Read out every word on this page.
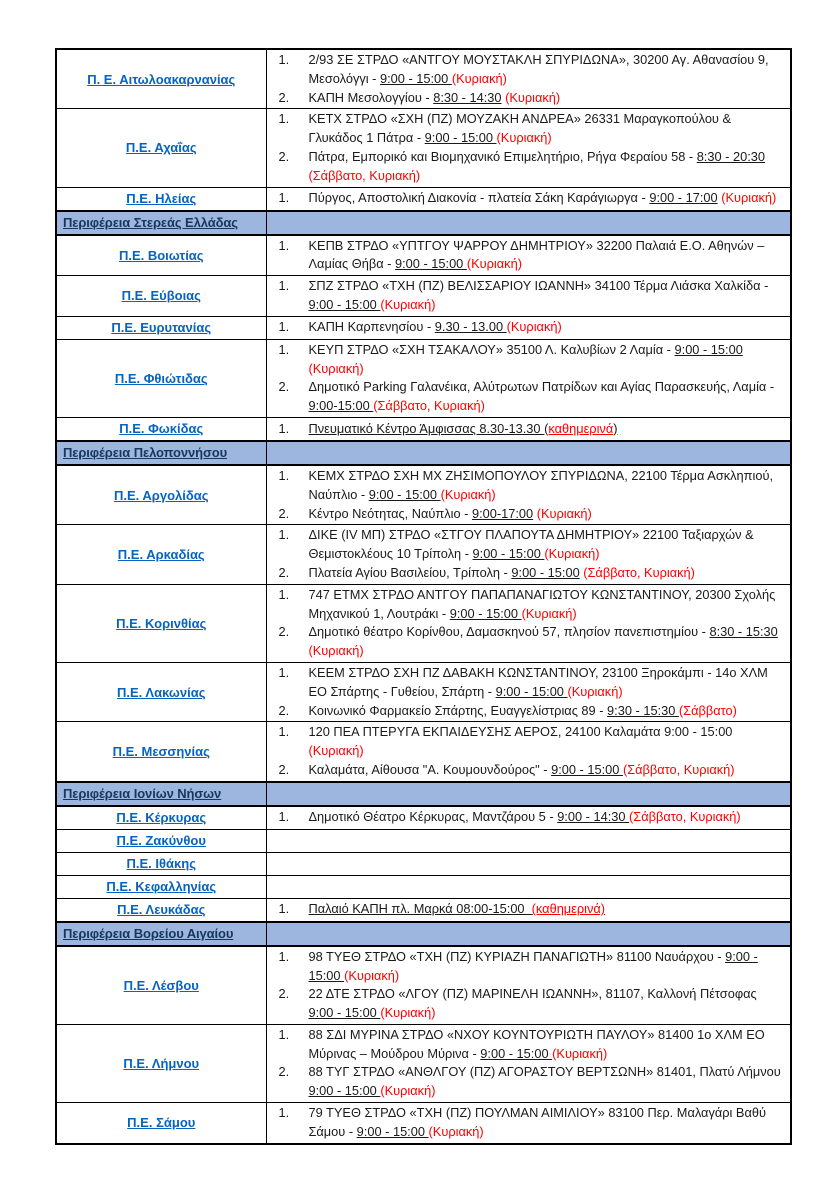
Π. Ε. Αιτωλοακαρνανίας	1. 2/93 ΣΕ ΣΤΡΔΟ «ΑΝΤΓΟΥ ΜΟΥΣΤΑΚΛΗ ΣΠΥΡΙΔΩΝΑ», 30200 Αγ. Αθανασίου 9, Μεσολόγγι - 9:00 - 15:00 (Κυριακή)
2. ΚΑΠΗ Μεσολογγίου - 8:30 - 14:30 (Κυριακή)

Π.Ε. Αχαΐας	1. ΚΕΤΧ ΣΤΡΔΟ «ΣΧΗ (ΠΖ) ΜΟΥΖΑΚΗ ΑΝΔΡΕΑ» 26331 Μαραγκοπούλου & Γλυκάδος 1 Πάτρα - 9:00 - 15:00 (Κυριακή)
2. Πάτρα, Εμπορικό και Βιομηχανικό Επιμελητήριο, Ρήγα Φεραίου 58 - 8:30 - 20:30 (Σάββατο, Κυριακή)

Π.Ε. Ηλείας	1. Πύργος, Αποστολική Διακονία - πλατεία Σάκη Καράγιωργα - 9:00 - 17:00 (Κυριακή)

Περιφέρεια Στερεάς Ελλάδας	
Π.Ε. Βοιωτίας	1. ΚΕΠΒ ΣΤΡΔΟ «ΥΠΤΓΟΥ ΨΑΡΡΟΥ ΔΗΜΗΤΡΙΟΥ» 32200 Παλαιά Ε.Ο. Αθηνών – Λαμίας Θήβα - 9:00 - 15:00 (Κυριακή)

Π.Ε. Εύβοιας	1. ΣΠΖ ΣΤΡΔΟ «ΤΧΗ (ΠΖ) ΒΕΛΙΣΣΑΡΙΟΥ ΙΩΑΝΝΗ» 34100 Τέρμα Λιάσκα Χαλκίδα - 9:00 - 15:00 (Κυριακή)

Π.Ε. Ευρυτανίας	1. ΚΑΠΗ Καρπενησίου - 9.30 - 13.00 (Κυριακή)

Π.Ε. Φθιώτιδας	1. ΚΕΥΠ ΣΤΡΔΟ «ΣΧΗ ΤΣΑΚΑΛΟΥ» 35100 Λ. Καλυβίων 2 Λαμία - 9:00 - 15:00 (Κυριακή)
2. Δημοτικό Parking Γαλανέικα, Αλύτρωτων Πατρίδων και Αγίας Παρασκευής, Λαμία - 9:00-15:00 (Σάββατο, Κυριακή)

Π.Ε. Φωκίδας	1. Πνευματικό Κέντρο Άμφισσας 8.30-13.30 (καθημερινά)

Περιφέρεια Πελοποννήσου	
Π.Ε. Αργολίδας	1. ΚΕΜΧ ΣΤΡΔΟ ΣΧΗ ΜΧ ΖΗΣΙΜΟΠΟΥΛΟΥ ΣΠΥΡΙΔΩΝΑ, 22100 Τέρμα Ασκληπιού, Ναύπλιο - 9:00 - 15:00 (Κυριακή)
2. Κέντρο Νεότητας, Ναύπλιο - 9:00-17:00 (Κυριακή)

Π.Ε. Αρκαδίας	1. ΔΙΚΕ (IV ΜΠ) ΣΤΡΔΟ «ΣΤΓΟΥ ΠΛΑΠΟΥΤΑ ΔΗΜΗΤΡΙΟΥ» 22100 Ταξιαρχών & Θεμιστοκλέους 10 Τρίπολη - 9:00 - 15:00 (Κυριακή)
2. Πλατεία Αγίου Βασιλείου, Τρίπολη - 9:00 - 15:00 (Σάββατο, Κυριακή)

Π.Ε. Κορινθίας	1. 747 ΕΤΜΧ ΣΤΡΔΟ ΑΝΤΓΟΥ ΠΑΠΑΠΑΝΑΓΙΩΤΟΥ ΚΩΝΣΤΑΝΤΙΝΟΥ, 20300 Σχολής Μηχανικού 1, Λουτράκι - 9:00 - 15:00 (Κυριακή)
2. Δημοτικό θέατρο Κορίνθου, Δαμασκηνού 57, πλησίον πανεπιστημίου - 8:30 - 15:30 (Κυριακή)

Π.Ε. Λακωνίας	1. ΚΕΕΜ ΣΤΡΔΟ ΣΧΗ ΠΖ ΔΑΒΑΚΗ ΚΩΝΣΤΑΝΤΙΝΟΥ, 23100 Ξηροκάμπι - 14ο ΧΛΜ ΕΟ Σπάρτης - Γυθείου, Σπάρτη - 9:00 - 15:00 (Κυριακή)
2. Κοινωνικό Φαρμακείο Σπάρτης, Ευαγγελίστριας 89 - 9:30 - 15:30 (Σάββατο)

Π.Ε. Μεσσηνίας	1. 120 ΠΕΑ ΠΤΕΡΥΓΑ ΕΚΠΑΙΔΕΥΣΗΣ ΑΕΡΟΣ, 24100 Καλαμάτα 9:00 - 15:00 (Κυριακή)
2. Καλαμάτα, Αίθουσα "Α. Κουμουνδούρος" - 9:00 - 15:00 (Σάββατο, Κυριακή)

Περιφέρεια Ιονίων Νήσων	
Π.Ε. Κέρκυρας	1. Δημοτικό Θέατρο Κέρκυρας, Μαντζάρου 5 - 9:00 - 14:30 (Σάββατο, Κυριακή)

Π.Ε. Ζακύνθου	
Π.Ε. Ιθάκης	
Π.Ε. Κεφαλληνίας	
Π.Ε. Λευκάδας	1. Παλαιό ΚΑΠΗ πλ. Μαρκά 08:00-15:00  (καθημερινά)

Περιφέρεια Βορείου Αιγαίου	
Π.Ε. Λέσβου	1. 98 ΤΥΕΘ ΣΤΡΔΟ «ΤΧΗ (ΠΖ) ΚΥΡΙΑΖΗ ΠΑΝΑΓΙΩΤΗ» 81100 Ναυάρχου - 9:00 - 15:00 (Κυριακή)
2. 22 ΔΤΕ ΣΤΡΔΟ «ΛΓΟΥ (ΠΖ) ΜΑΡΙΝΕΛΗ ΙΩΑΝΝΗ», 81107, Καλλονή Πέτσοφας 9:00 - 15:00 (Κυριακή)

Π.Ε. Λήμνου	1. 88 ΣΔΙ ΜΥΡΙΝΑ ΣΤΡΔΟ «ΝΧΟΥ ΚΟΥΝΤΟΥΡΙΩΤΗ ΠΑΥΛΟΥ» 81400 1ο ΧΛΜ ΕΟ Μύρινας – Μούδρου Μύρινα - 9:00 - 15:00 (Κυριακή)
2. 88 ΤΥΓ ΣΤΡΔΟ «ΑΝΘΛΓΟΥ (ΠΖ) ΑΓΟΡΑΣΤΟΥ ΒΕΡΤΣΩΝΗ» 81401, Πλατύ Λήμνου 9:00 - 15:00 (Κυριακή)

Π.Ε. Σάμου	1. 79 ΤΥΕΘ ΣΤΡΔΟ «ΤΧΗ (ΠΖ) ΠΟΥΛΜΑΝ ΑΙΜΙΛΙΟΥ» 83100 Περ. Μαλαγάρι Βαθύ Σάμου - 9:00 - 15:00 (Κυριακή)
